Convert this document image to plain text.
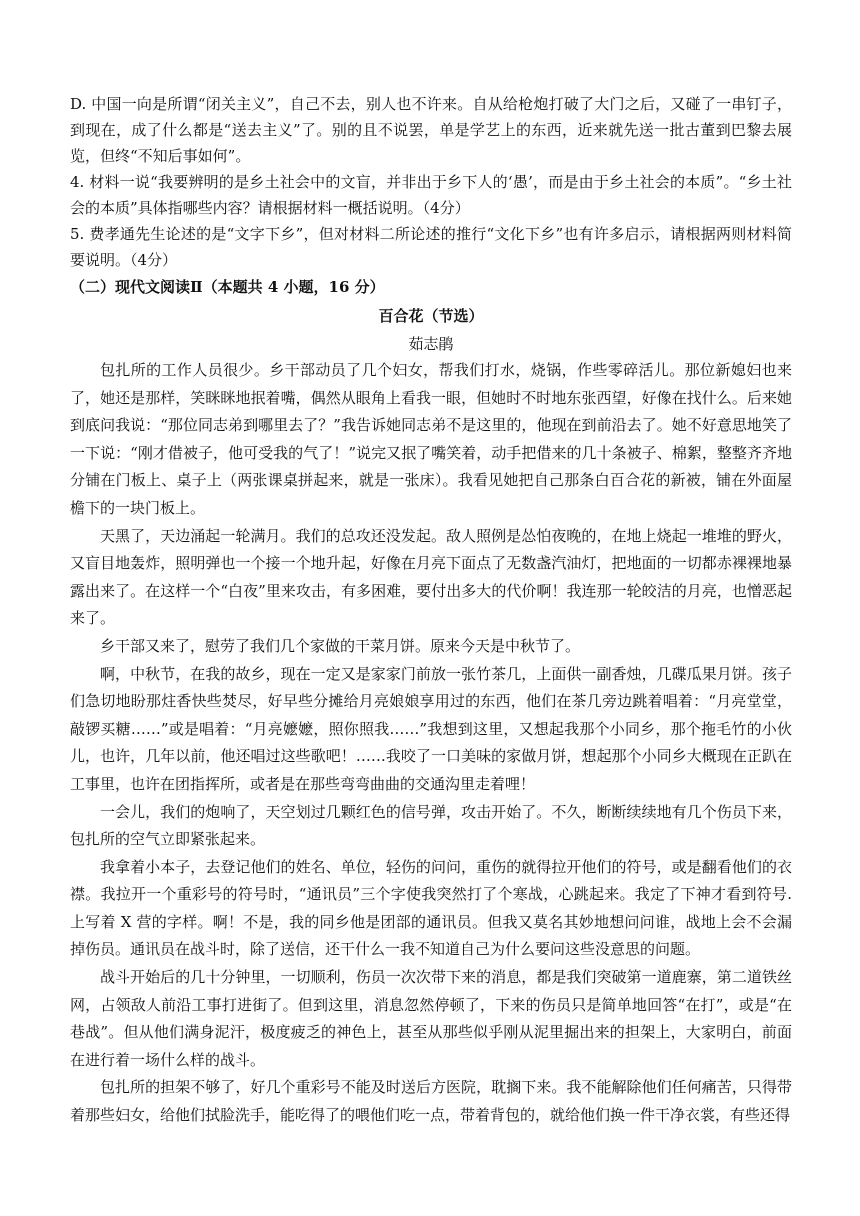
D. 中国一向是所谓“闭关主义”，自己不去，别人也不许来。自从给枪炮打破了大门之后，又碰了一串钉子，到现在，成了什么都是“送去主义”了。别的且不说罢，单是学艺上的东西，近来就先送一批古董到巴黎去展览，但终“不知后事如何”。

4. 材料一说“我要辨明的是乡土社会中的文盲，并非出于乡下人的‘愚’，而是由于乡土社会的本质”。“乡土社会的本质”具体指哪些内容？请根据材料一概括说明。（4分）

5. 费孝通先生论述的是“文字下乡”，但对材料二所论述的推行“文化下乡”也有许多启示，请根据两则材料简要说明。（4分）

（二）现代文阅读Ⅱ（本题共 4 小题，16 分）

百合花（节选）

茹志鹃

包扎所的工作人员很少。乡干部动员了几个妇女，帮我们打水，烧锅，作些零碎活儿。那位新媳妇也来了，她还是那样，笑眯眯地抿着嘴，偶然从眼角上看我一眼，但她时不时地东张西望，好像在找什么。后来她到底问我说：“那位同志弟到哪里去了？”我告诉她同志弟不是这里的，他现在到前沿去了。她不好意思地笑了一下说：“刚才借被子，他可受我的气了！”说完又抿了嘴笑着，动手把借来的几十条被子、棉絮，整整齐齐地分铺在门板上、桌子上（两张课桌拼起来，就是一张床）。我看见她把自己那条白百合花的新被，铺在外面屋檐下的一块门板上。

天黑了，天边涌起一轮满月。我们的总攻还没发起。敌人照例是怂怕夜晚的，在地上烧起一堆堆的野火，又盲目地轰炸，照明弹也一个接一个地升起，好像在月亮下面点了无数盏汽油灯，把地面的一切都赤裸裸地暴露出来了。在这样一个“白夜”里来攻击，有多困难，要付出多大的代价啊！我连那一轮皎洁的月亮，也憎恶起来了。

乡干部又来了，慰劳了我们几个家做的干菜月饼。原来今天是中秋节了。

啊，中秋节，在我的故乡，现在一定又是家家门前放一张竹茶几，上面供一副香烛，几碟瓜果月饼。孩子们急切地盼那炷香快些焚尽，好早些分摊给月亮娘娘享用过的东西，他们在茶几旁边跳着唱着：“月亮堂堂，敲锣买糖……”或是唱着：“月亮嬷嬷，照你照我……”我想到这里，又想起我那个小同乡，那个拖毛竹的小伙儿，也许，几年以前，他还唱过这些歌吧！……我咬了一口美味的家做月饼，想起那个小同乡大概现在正趴在工事里，也许在团指挥所，或者是在那些弯弯曲曲的交通沟里走着哩！

一会儿，我们的炮响了，天空划过几颗红色的信号弹，攻击开始了。不久，断断续续地有几个伤员下来，包扎所的空气立即紧张起来。

我拿着小本子，去登记他们的姓名、单位，轻伤的问问，重伤的就得拉开他们的符号，或是翻看他们的衣襟。我拉开一个重彩号的符号时，“通讯员”三个字使我突然打了个寒战，心跳起来。我定了下神才看到符号.上写着 X 营的字样。啊！不是，我的同乡他是团部的通讯员。但我又莫名其妙地想问问谁，战地上会不会漏掉伤员。通讯员在战斗时，除了送信，还干什么一我不知道自己为什么要问这些没意思的问题。

战斗开始后的几十分钟里，一切顺利，伤员一次次带下来的消息，都是我们突破第一道鹿寨，第二道铁丝网，占领敌人前沿工事打进街了。但到这里，消息忽然停顿了，下来的伤员只是简单地回答“在打”，或是“在巷战”。但从他们满身泥汗，极度疲乏的神色上，甚至从那些似乎刚从泥里掘出来的担架上，大家明白，前面在进行着一场什么样的战斗。

包扎所的担架不够了，好几个重彩号不能及时送后方医院，耽搁下来。我不能解除他们任何痛苦，只得带着那些妇女，给他们拭脸洗手，能吃得了的喂他们吃一点，带着背包的，就给他们换一件干净衣裳，有些还得
